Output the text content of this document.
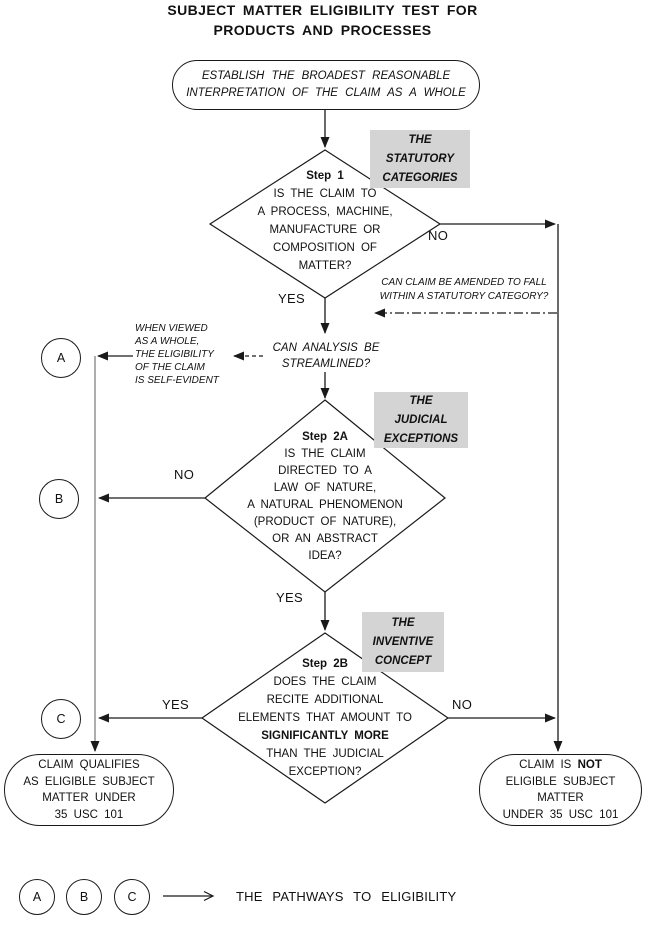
SUBJECT MATTER ELIGIBILITY TEST FOR
PRODUCTS AND PROCESSES
ESTABLISH THE BROADEST REASONABLE
INTERPRETATION OF THE CLAIM AS A WHOLE
THE
STATUTORY
CATEGORIES
THE
JUDICIAL
EXCEPTIONS
THE
INVENTIVE
CONCEPT
Step 1
IS THE CLAIM TO
A PROCESS, MACHINE,
MANUFACTURE OR
COMPOSITION OF
MATTER?
NO
YES
CAN CLAIM BE AMENDED TO FALL
WITHIN A STATUTORY CATEGORY?
CAN ANALYSIS BE
STREAMLINED?
WHEN VIEWED
AS A WHOLE,
THE ELIGIBILITY
OF THE CLAIM
IS SELF-EVIDENT
Step 2A
IS THE CLAIM
DIRECTED TO A
LAW OF NATURE,
A NATURAL PHENOMENON
(PRODUCT OF NATURE),
OR AN ABSTRACT
IDEA?
NO
YES
Step 2B
DOES THE CLAIM
RECITE ADDITIONAL
ELEMENTS THAT AMOUNT TO
SIGNIFICANTLY MORE
THAN THE JUDICIAL
EXCEPTION?
YES	NO
A
B
C
CLAIM QUALIFIES
AS ELIGIBLE SUBJECT
MATTER UNDER
35 USC 101
CLAIM IS NOT
ELIGIBLE SUBJECT
MATTER
UNDER 35 USC 101
A	B	C	THE PATHWAYS TO ELIGIBILITY
